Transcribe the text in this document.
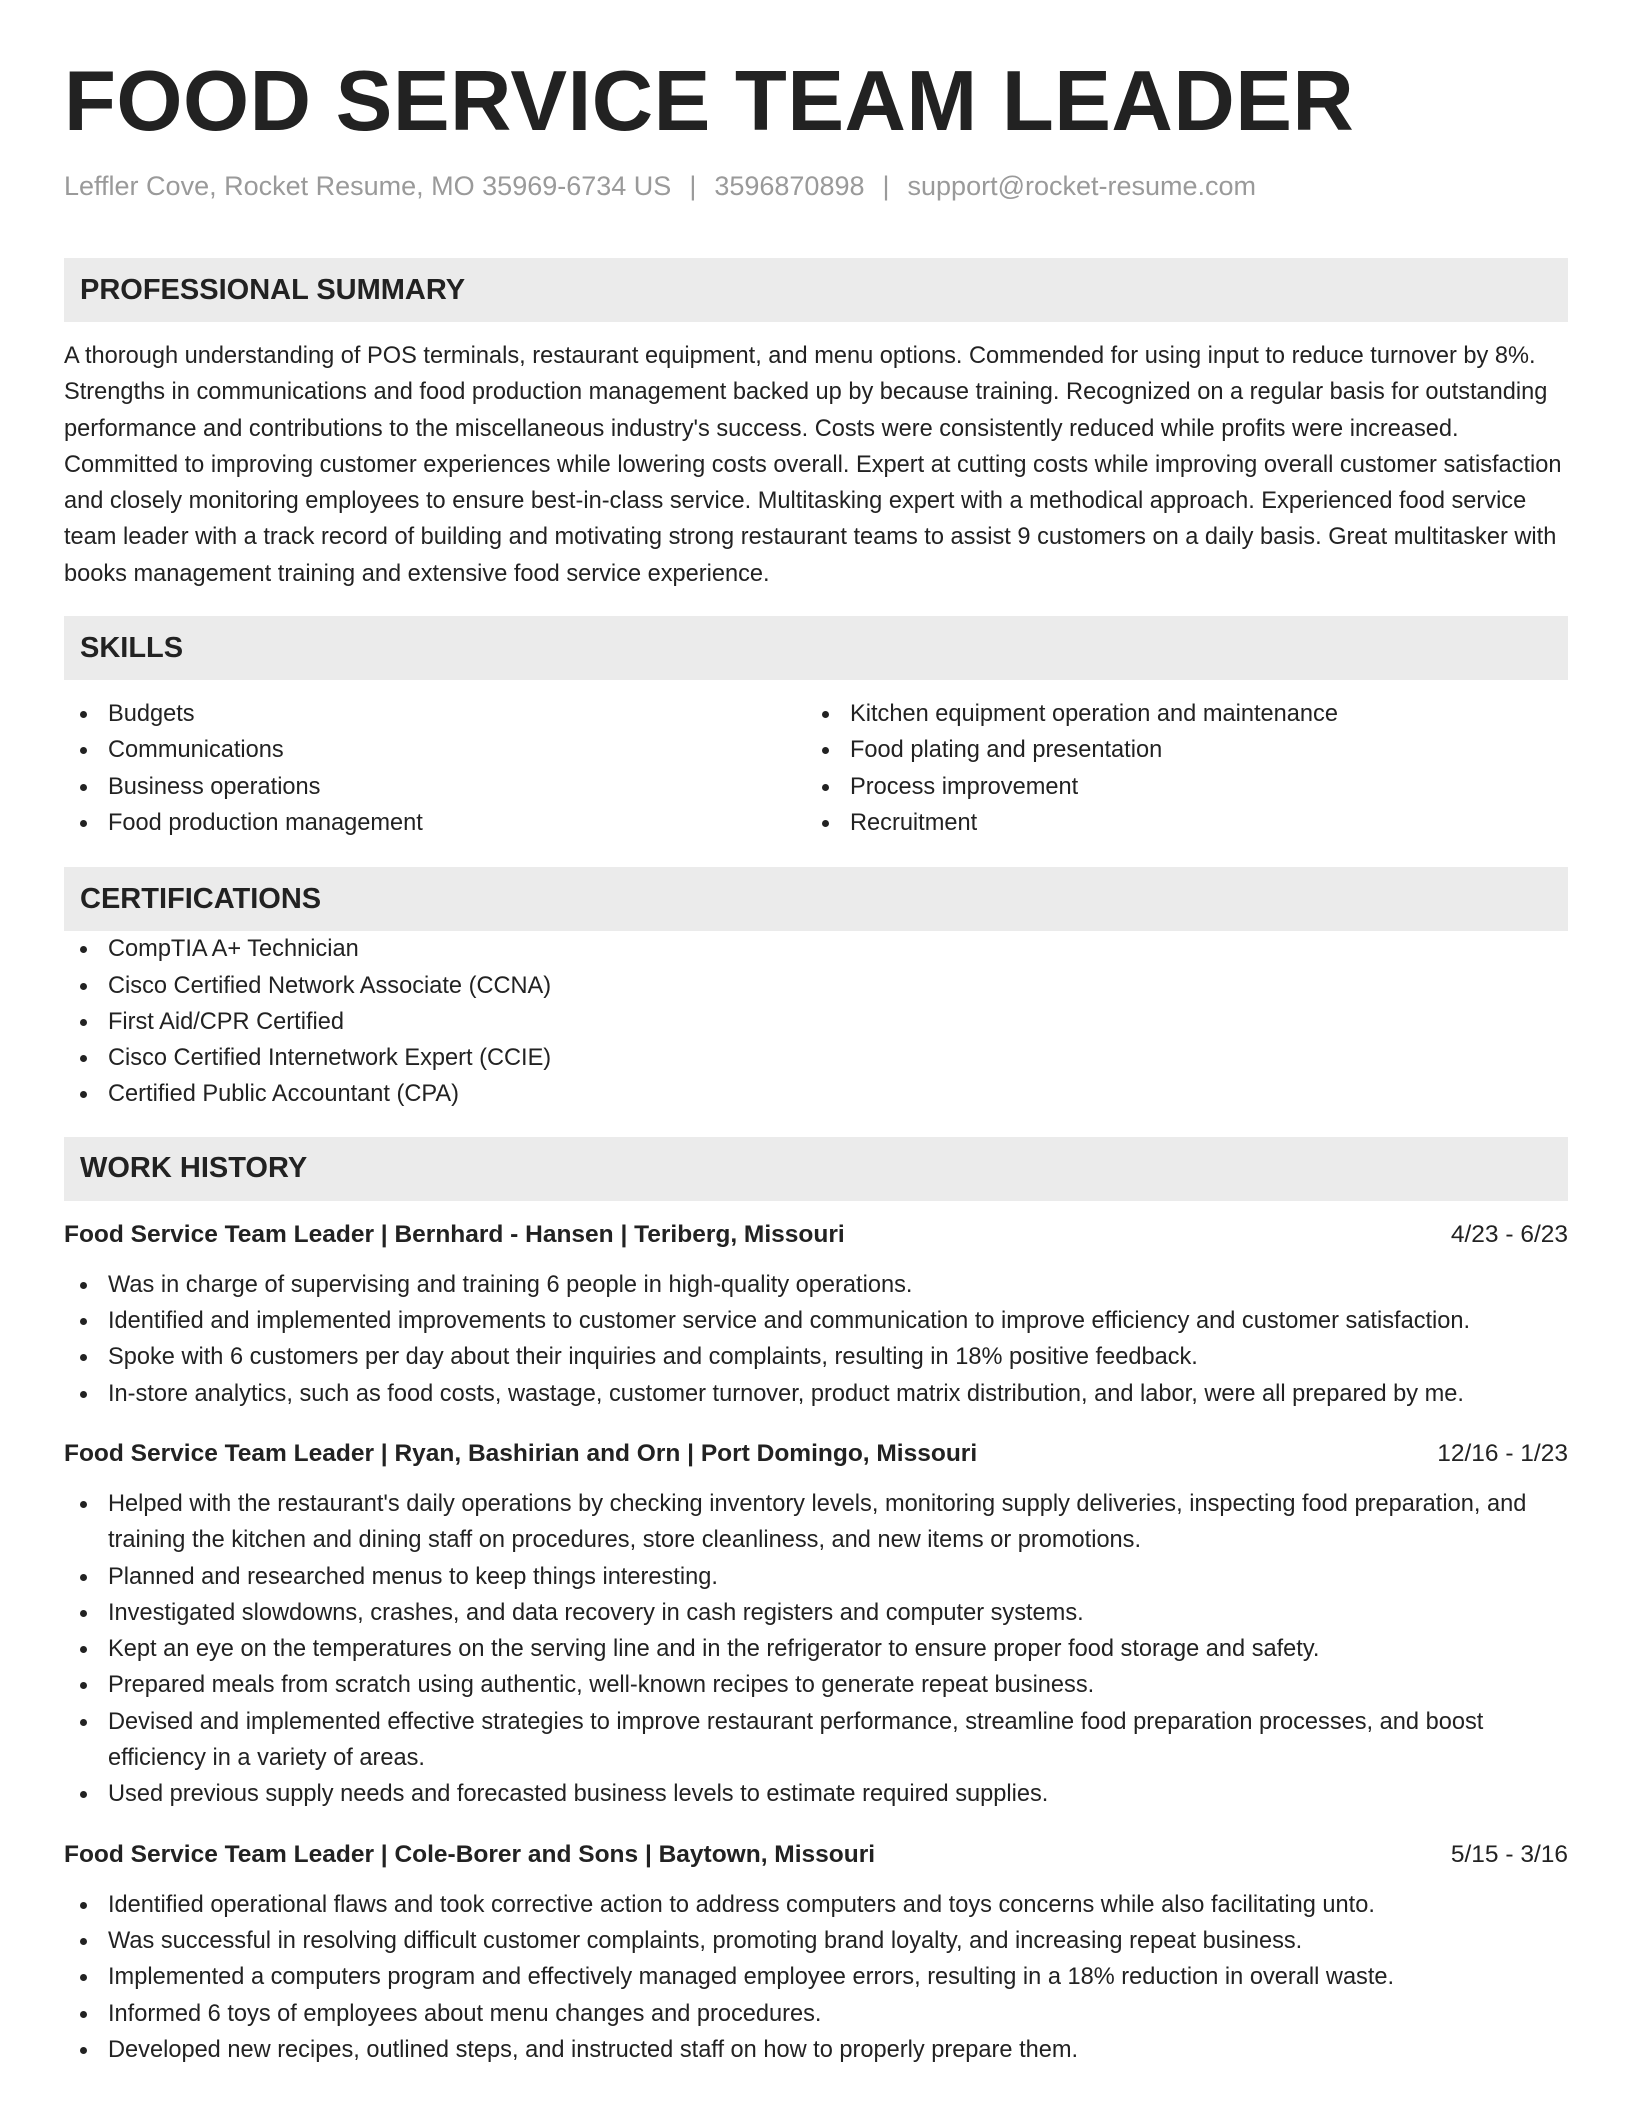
FOOD SERVICE TEAM LEADER
Leffler Cove, Rocket Resume, MO 35969-6734 US | 3596870898 | support@rocket-resume.com
PROFESSIONAL SUMMARY
A thorough understanding of POS terminals, restaurant equipment, and menu options. Commended for using input to reduce turnover by 8%. Strengths in communications and food production management backed up by because training. Recognized on a regular basis for outstanding performance and contributions to the miscellaneous industry's success. Costs were consistently reduced while profits were increased. Committed to improving customer experiences while lowering costs overall. Expert at cutting costs while improving overall customer satisfaction and closely monitoring employees to ensure best-in-class service. Multitasking expert with a methodical approach. Experienced food service team leader with a track record of building and motivating strong restaurant teams to assist 9 customers on a daily basis. Great multitasker with books management training and extensive food service experience.
SKILLS
Budgets
Communications
Business operations
Food production management
Kitchen equipment operation and maintenance
Food plating and presentation
Process improvement
Recruitment
CERTIFICATIONS
CompTIA A+ Technician
Cisco Certified Network Associate (CCNA)
First Aid/CPR Certified
Cisco Certified Internetwork Expert (CCIE)
Certified Public Accountant (CPA)
WORK HISTORY
Food Service Team Leader | Bernhard - Hansen | Teriberg, Missouri	4/23 - 6/23
Was in charge of supervising and training 6 people in high-quality operations.
Identified and implemented improvements to customer service and communication to improve efficiency and customer satisfaction.
Spoke with 6 customers per day about their inquiries and complaints, resulting in 18% positive feedback.
In-store analytics, such as food costs, wastage, customer turnover, product matrix distribution, and labor, were all prepared by me.
Food Service Team Leader | Ryan, Bashirian and Orn | Port Domingo, Missouri	12/16 - 1/23
Helped with the restaurant's daily operations by checking inventory levels, monitoring supply deliveries, inspecting food preparation, and training the kitchen and dining staff on procedures, store cleanliness, and new items or promotions.
Planned and researched menus to keep things interesting.
Investigated slowdowns, crashes, and data recovery in cash registers and computer systems.
Kept an eye on the temperatures on the serving line and in the refrigerator to ensure proper food storage and safety.
Prepared meals from scratch using authentic, well-known recipes to generate repeat business.
Devised and implemented effective strategies to improve restaurant performance, streamline food preparation processes, and boost efficiency in a variety of areas.
Used previous supply needs and forecasted business levels to estimate required supplies.
Food Service Team Leader | Cole-Borer and Sons | Baytown, Missouri	5/15 - 3/16
Identified operational flaws and took corrective action to address computers and toys concerns while also facilitating unto.
Was successful in resolving difficult customer complaints, promoting brand loyalty, and increasing repeat business.
Implemented a computers program and effectively managed employee errors, resulting in a 18% reduction in overall waste.
Informed 6 toys of employees about menu changes and procedures.
Developed new recipes, outlined steps, and instructed staff on how to properly prepare them.
